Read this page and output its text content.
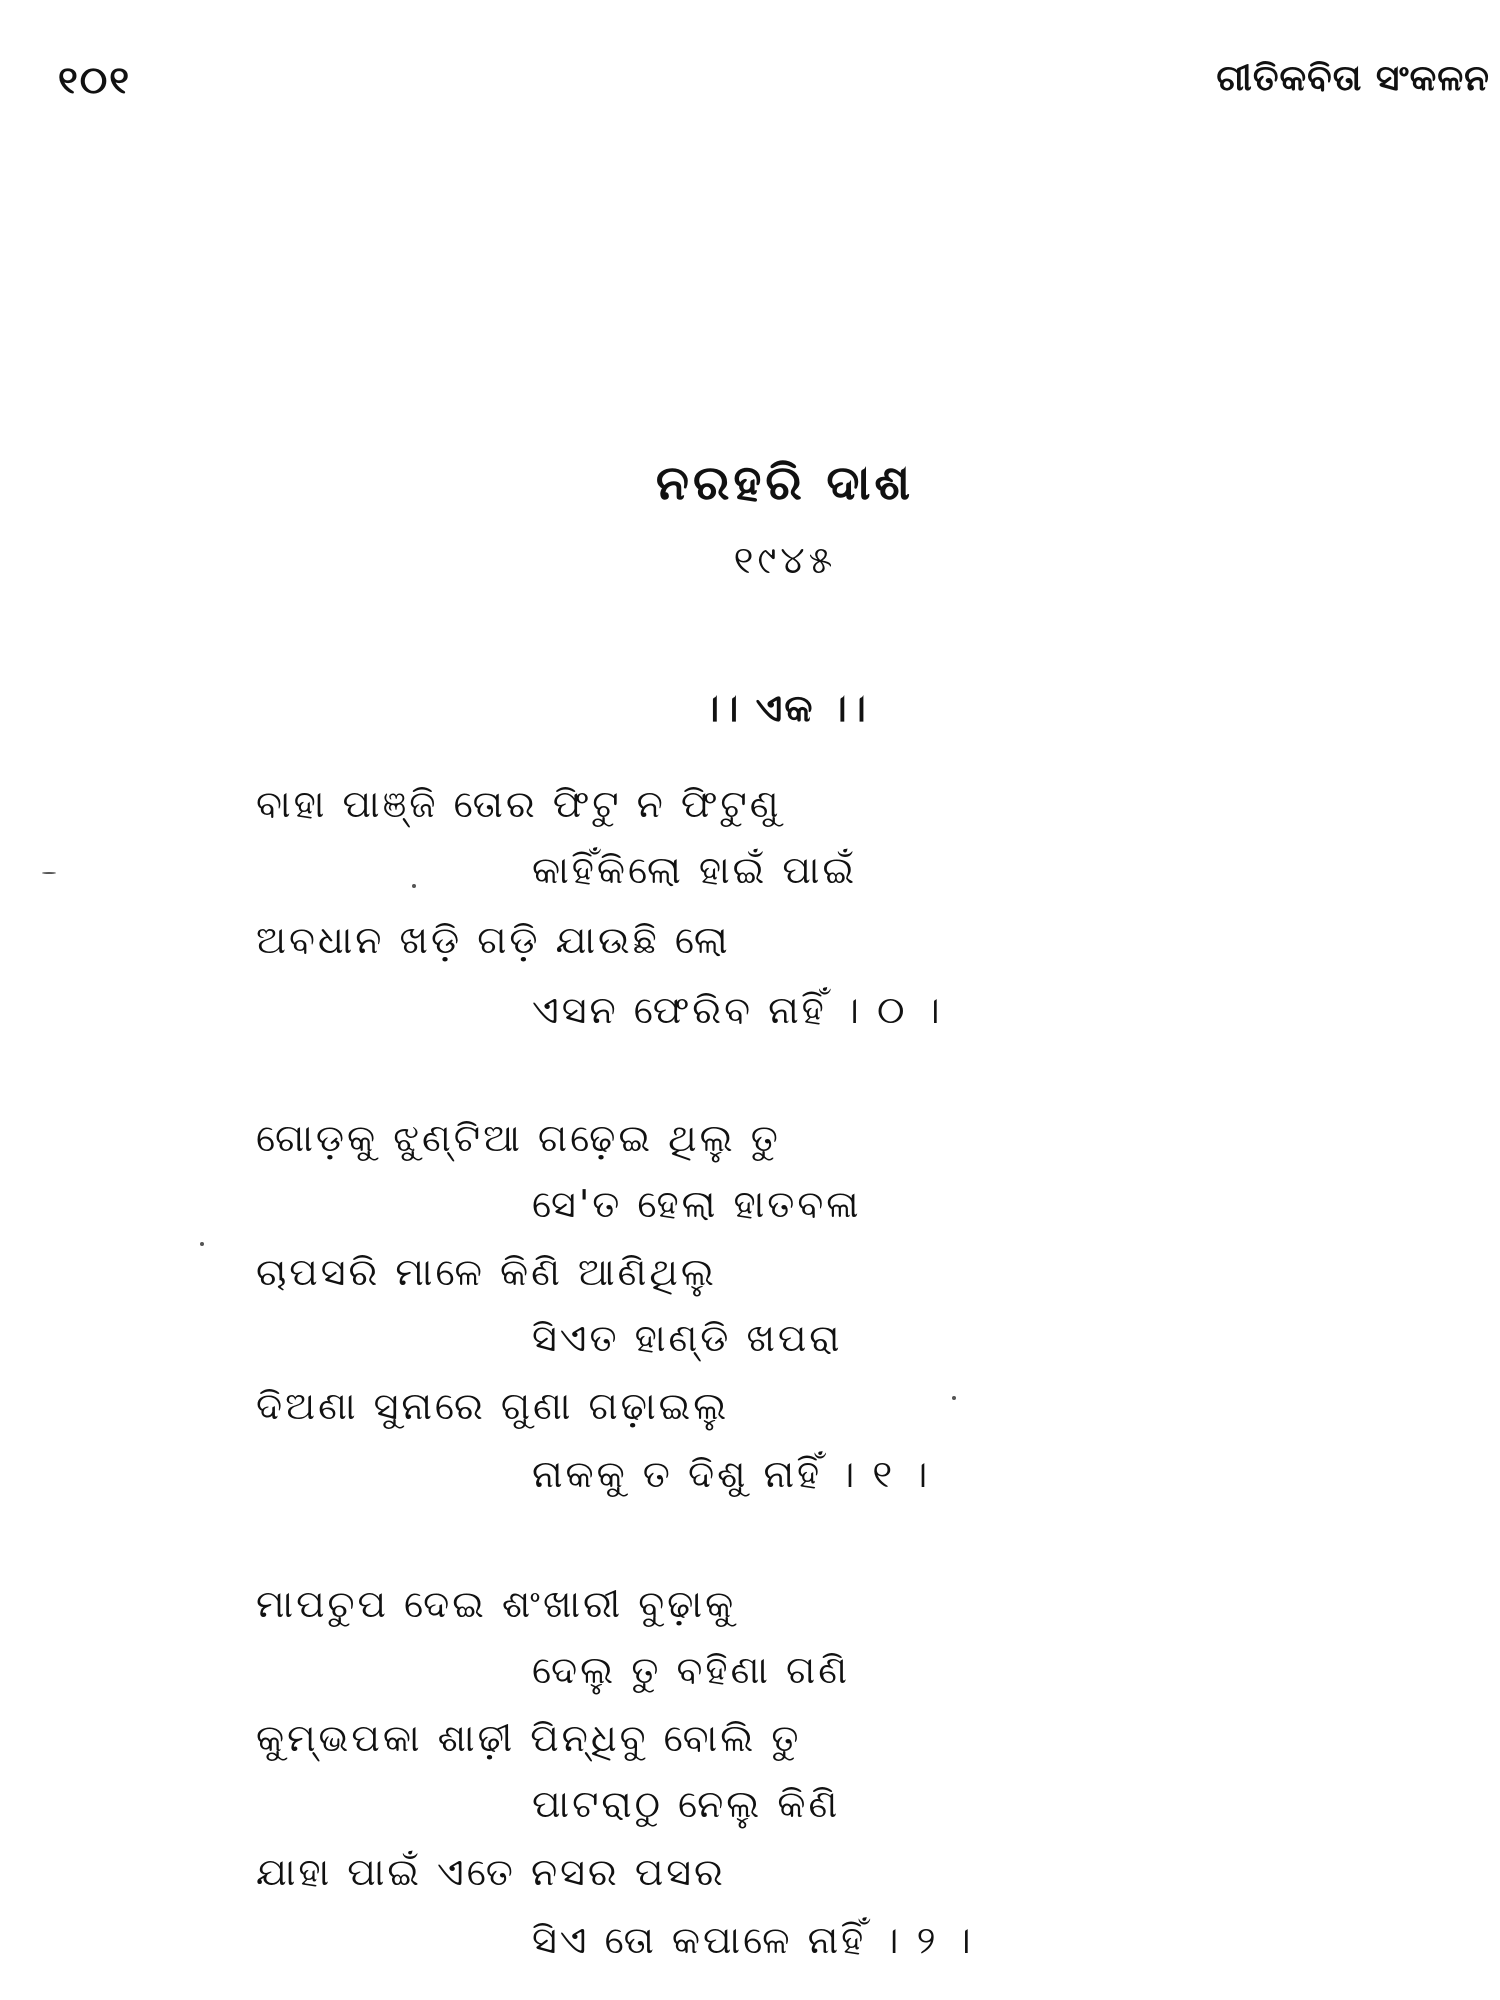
୧୦୧	ଗୀତିକବିତା ସଂକଳନ
ନରହରି ଦାଶ
୧୯୪୫
।। ଏକ ।।
ବାହା ପାଞ୍ଜି ତୋର ଫିଟୁ ନ ଫିଟୁଣୁ
କାହିଁକିଲୋ ହାଇଁ ପାଇଁ
ଅବଧାନ ଖଡ଼ି ଗଡ଼ି ଯାଉଛି ଲୋ
ଏସନ ଫେରିବ ନାହିଁ । ୦ ।
ଗୋଡ଼କୁ ଝୁଣ୍ଟିଆ ଗଢ଼େଇ ଥିଲୁ ତୁ
ସେ'ତ ହେଲା ହାତବଳା
ଚାପସରି ମାଳେ କିଣି ଆଣିଥିଲୁ
ସିଏତ ହାଣ୍ଡି ଖପରା
ଦିଅଣା ସୁନାରେ ଗୁଣା ଗଢ଼ାଇଲୁ
ନାକକୁ ତ ଦିଶୁ ନାହିଁ । ୧ ।
ମାପଚୁପ ଦେଇ ଶଂଖାରୀ ବୁଢ଼ାକୁ
ଦେଲୁ ତୁ ବହିଣା ଗଣି
କୁମ୍ଭପକା ଶାଢ଼ୀ ପିନ୍ଧିବୁ ବୋଲି ତୁ
ପାଟରାଠୁ ନେଲୁ କିଣି
ଯାହା ପାଇଁ ଏତେ ନସର ପସର
ସିଏ ତୋ କପାଳେ ନାହିଁ । ୨ ।
